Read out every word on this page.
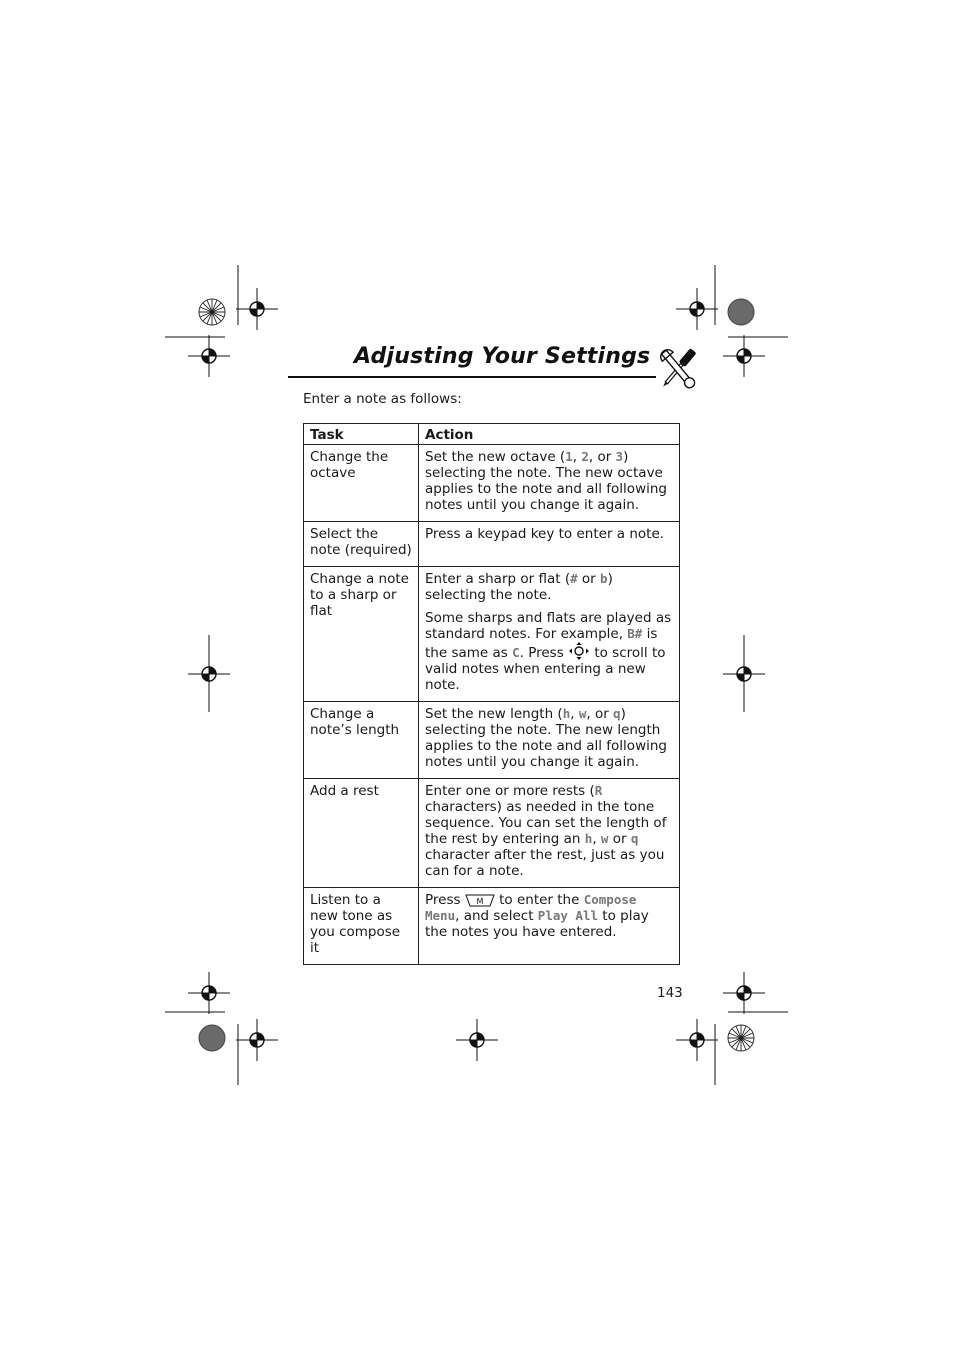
Adjusting Your Settings
Enter a note as follows:
Task	Action
Change the octave	Set the new octave (1, 2, or 3) selecting the note. The new octave applies to the note and all following notes until you change it again.
Select the note (required)	Press a keypad key to enter a note.
Change a note to a sharp or flat	Enter a sharp or flat (# or b) selecting the note.
Some sharps and flats are played as standard notes. For example, B# is the same as C. Press  to scroll to valid notes when entering a new note.

Change a note’s length	Set the new length (h, w, or q) selecting the note. The new length applies to the note and all following notes until you change it again.
Add a rest	Enter one or more rests (R characters) as needed in the tone sequence. You can set the length of the rest by entering an h, w or q character after the rest, just as you can for a note.
Listen to a new tone as you compose it	Press M to enter the Compose Menu, and select Play All to play the notes you have entered.
143
